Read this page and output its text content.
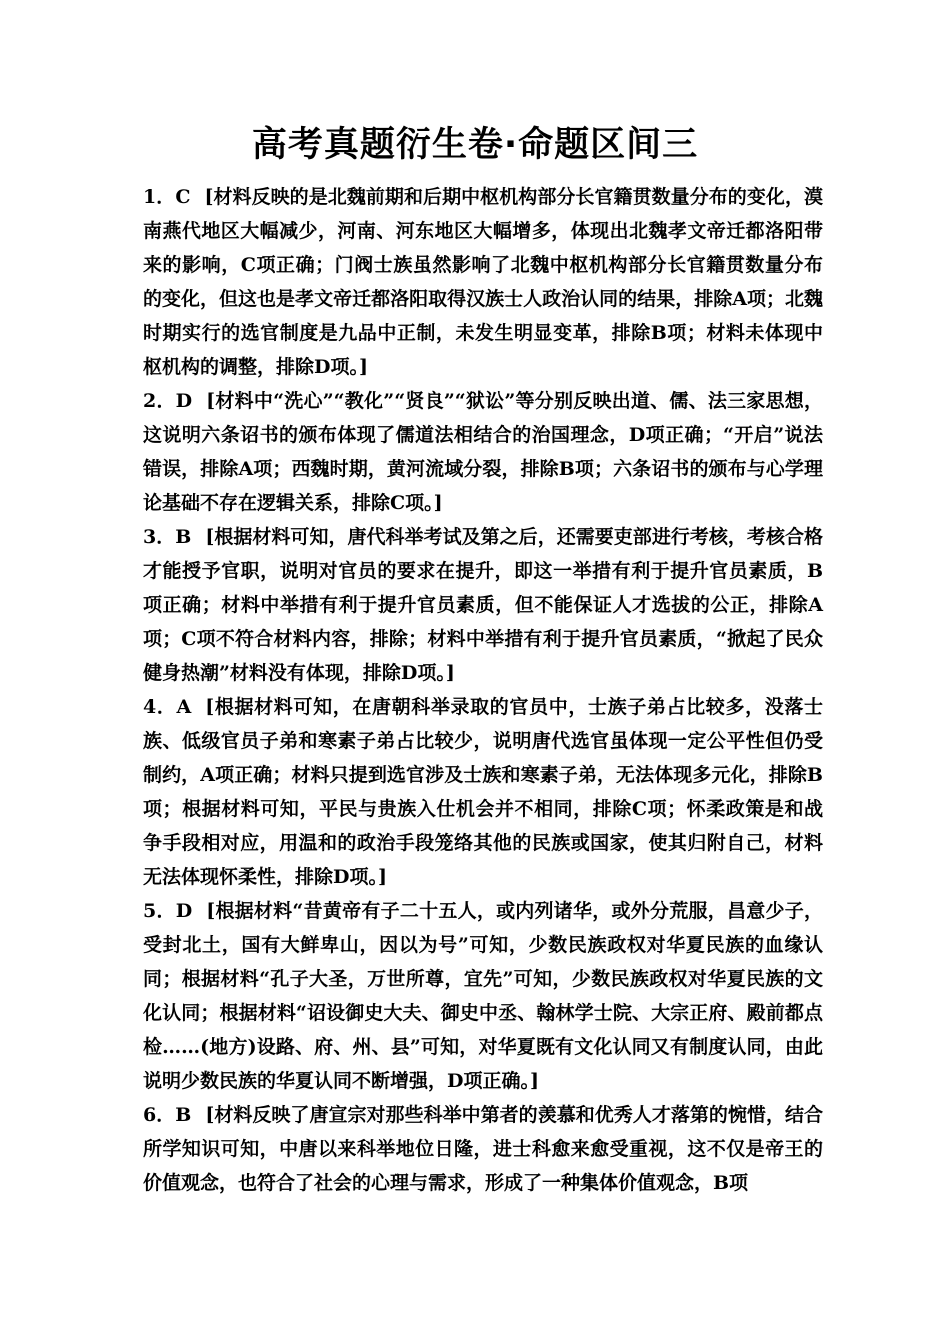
高考真题衍生卷·命题区间三

1．C [材料反映的是北魏前期和后期中枢机构部分长官籍贯数量分布的变化，漠南燕代地区大幅减少，河南、河东地区大幅增多，体现出北魏孝文帝迁都洛阳带来的影响，C项正确；门阀士族虽然影响了北魏中枢机构部分长官籍贯数量分布的变化，但这也是孝文帝迁都洛阳取得汉族士人政治认同的结果，排除A项；北魏时期实行的选官制度是九品中正制，未发生明显变革，排除B项；材料未体现中枢机构的调整，排除D项。]

2．D [材料中“洗心”“教化”“贤良”“狱讼”等分别反映出道、儒、法三家思想，这说明六条诏书的颁布体现了儒道法相结合的治国理念，D项正确；“开启”说法错误，排除A项；西魏时期，黄河流域分裂，排除B项；六条诏书的颁布与心学理论基础不存在逻辑关系，排除C项。]

3．B [根据材料可知，唐代科举考试及第之后，还需要吏部进行考核，考核合格才能授予官职，说明对官员的要求在提升，即这一举措有利于提升官员素质，B项正确；材料中举措有利于提升官员素质，但不能保证人才选拔的公正，排除A项；C项不符合材料内容，排除；材料中举措有利于提升官员素质，“掀起了民众健身热潮”材料没有体现，排除D项。]

4．A [根据材料可知，在唐朝科举录取的官员中，士族子弟占比较多，没落士族、低级官员子弟和寒素子弟占比较少，说明唐代选官虽体现一定公平性但仍受制约，A项正确；材料只提到选官涉及士族和寒素子弟，无法体现多元化，排除B项；根据材料可知，平民与贵族入仕机会并不相同，排除C项；怀柔政策是和战争手段相对应，用温和的政治手段笼络其他的民族或国家，使其归附自己，材料无法体现怀柔性，排除D项。]

5．D [根据材料“昔黄帝有子二十五人，或内列诸华，或外分荒服，昌意少子，受封北土，国有大鲜卑山，因以为号”可知，少数民族政权对华夏民族的血缘认同；根据材料“孔子大圣，万世所尊，宜先”可知，少数民族政权对华夏民族的文化认同；根据材料“诏设御史大夫、御史中丞、翰林学士院、大宗正府、殿前都点检……(地方)设路、府、州、县”可知，对华夏既有文化认同又有制度认同，由此说明少数民族的华夏认同不断增强，D项正确。]

6．B [材料反映了唐宣宗对那些科举中第者的羡慕和优秀人才落第的惋惜，结合所学知识可知，中唐以来科举地位日隆，进士科愈来愈受重视，这不仅是帝王的价值观念，也符合了社会的心理与需求，形成了一种集体价值观念，B项
